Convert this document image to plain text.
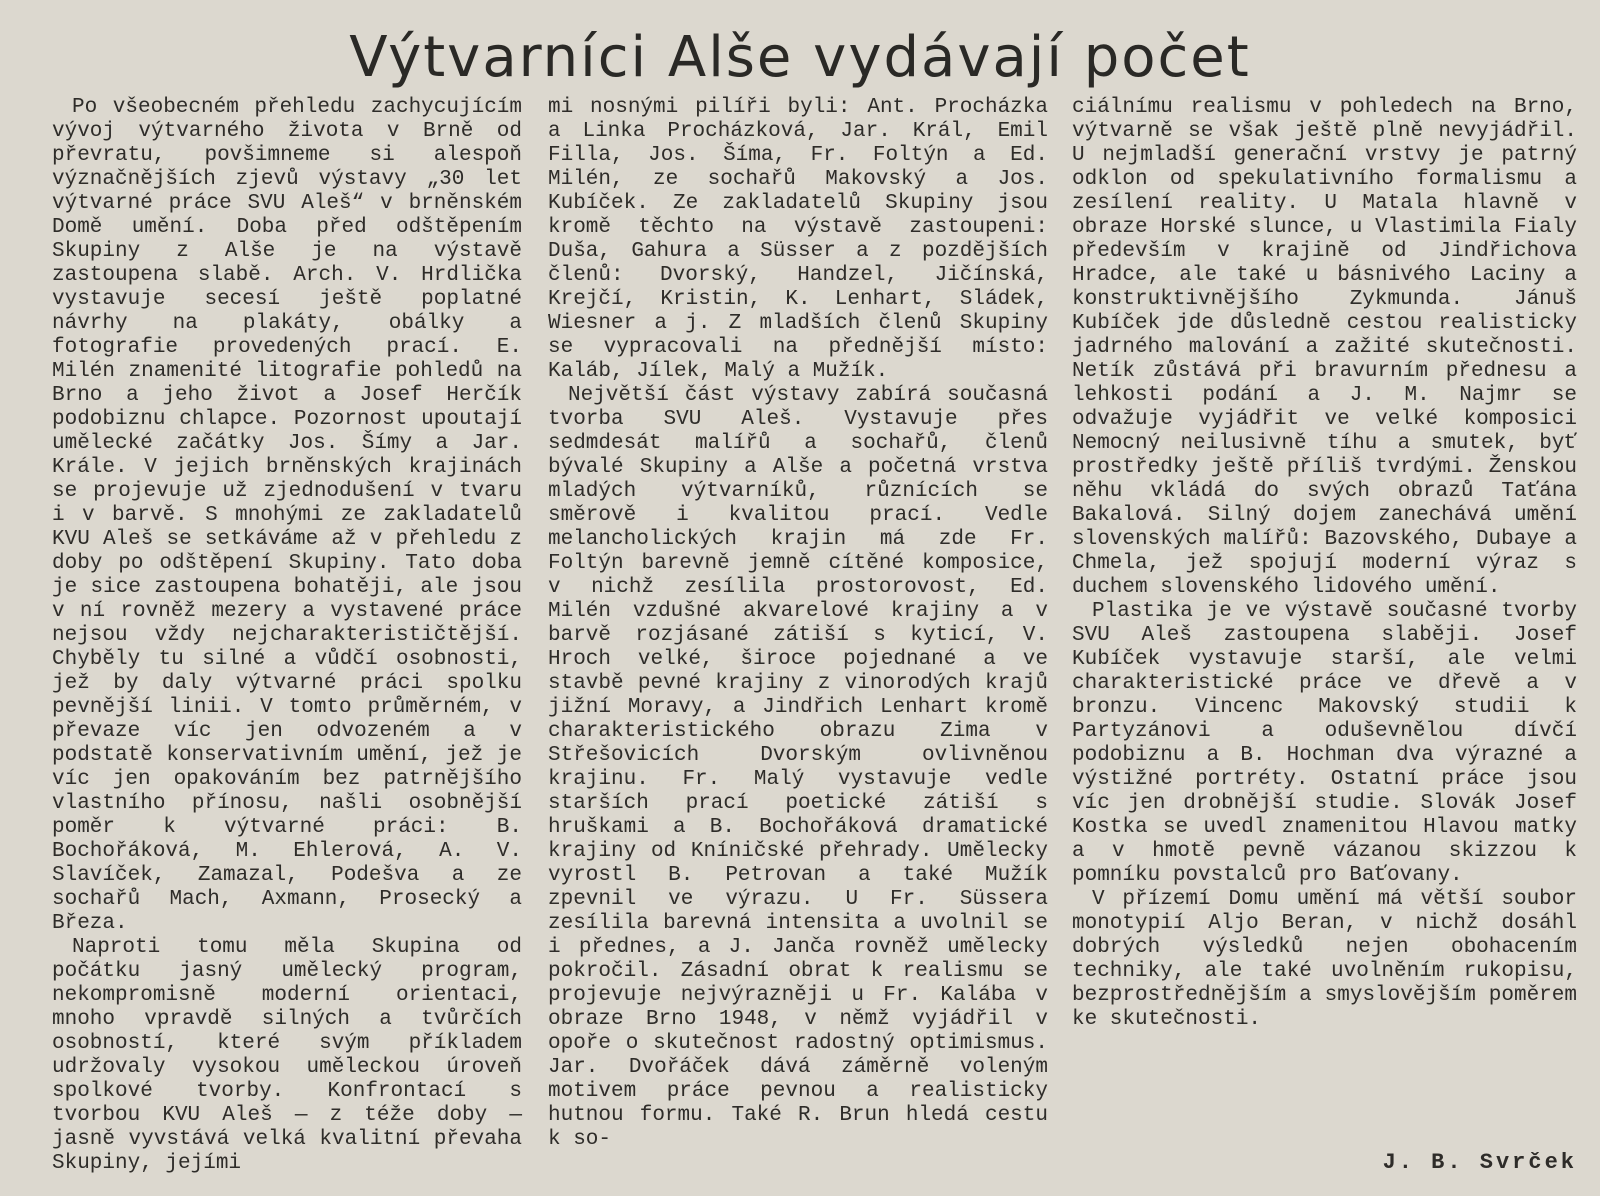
Výtvarníci Alše vydávají počet

Po všeobecném přehledu zachycujícím vývoj výtvarného života v Brně od převratu, povšimneme si alespoň význačnějších zjevů výstavy „30 let výtvarné práce SVU Aleš“ v brněnském Domě umění. Doba před odštěpením Skupiny z Alše je na výstavě zastoupena slabě. Arch. V. Hrdlička vystavuje secesí ještě poplatné návrhy na plakáty, obálky a fotografie provedených prací. E. Milén znamenité litografie pohledů na Brno a jeho život a Josef Herčík podobiznu chlapce. Pozornost upoutají umělecké začátky Jos. Šímy a Jar. Krále. V jejich brněnských krajinách se projevuje už zjednodušení v tvaru i v barvě. S mnohými ze zakladatelů KVU Aleš se setkáváme až v přehledu z doby po odštěpení Skupiny. Tato doba je sice zastoupena bohatěji, ale jsou v ní rovněž mezery a vystavené práce nejsou vždy nejcharakterističtější. Chyběly tu silné a vůdčí osobnosti, jež by daly výtvarné práci spolku pevnější linii. V tomto průměrném, v převaze víc jen odvozeném a v podstatě konservativním umění, jež je víc jen opakováním bez patrnějšího vlastního přínosu, našli osobnější poměr k výtvarné práci: B. Bochořáková, M. Ehlerová, A. V. Slavíček, Zamazal, Podešva a ze sochařů Mach, Axmann, Prosecký a Březa.

Naproti tomu měla Skupina od počátku jasný umělecký program, nekompromisně moderní orientaci, mnoho vpravdě silných a tvůrčích osobností, které svým příkladem udržovaly vysokou uměleckou úroveň spolkové tvorby. Konfrontací s tvorbou KVU Aleš — z téže doby — jasně vyvstává velká kvalitní převaha Skupiny, jejími

mi nosnými pilíři byli: Ant. Procházka a Linka Procházková, Jar. Král, Emil Filla, Jos. Šíma, Fr. Foltýn a Ed. Milén, ze sochařů Makovský a Jos. Kubíček. Ze zakladatelů Skupiny jsou kromě těchto na výstavě zastoupeni: Duša, Gahura a Süsser a z pozdějších členů: Dvorský, Handzel, Jičínská, Krejčí, Kristin, K. Lenhart, Sládek, Wiesner a j. Z mladších členů Skupiny se vypracovali na přednější místo: Kaláb, Jílek, Malý a Mužík.

Největší část výstavy zabírá současná tvorba SVU Aleš. Vystavuje přes sedmdesát malířů a sochařů, členů bývalé Skupiny a Alše a početná vrstva mladých výtvarníků, různících se směrově i kvalitou prací. Vedle melancholických krajin má zde Fr. Foltýn barevně jemně cítěné komposice, v nichž zesílila prostorovost, Ed. Milén vzdušné akvarelové krajiny a v barvě rozjásané zátiší s kyticí, V. Hroch velké, široce pojednané a ve stavbě pevné krajiny z vinorodých krajů jižní Moravy, a Jindřich Lenhart kromě charakteristického obrazu Zima v Střešovicích Dvorským ovlivněnou krajinu. Fr. Malý vystavuje vedle starších prací poetické zátiší s hruškami a B. Bochořáková dramatické krajiny od Kníničské přehrady. Umělecky vyrostl B. Petrovan a také Mužík zpevnil ve výrazu. U Fr. Süssera zesílila barevná intensita a uvolnil se i přednes, a J. Janča rovněž umělecky pokročil. Zásadní obrat k realismu se projevuje nejvýrazněji u Fr. Kalába v obraze Brno 1948, v němž vyjádřil v opoře o skutečnost radostný optimismus. Jar. Dvořáček dává záměrně voleným motivem práce pevnou a realisticky hutnou formu. Také R. Brun hledá cestu k so-

ciálnímu realismu v pohledech na Brno, výtvarně se však ještě plně nevyjádřil. U nejmladší generační vrstvy je patrný odklon od spekulativního formalismu a zesílení reality. U Matala hlavně v obraze Horské slunce, u Vlastimila Fialy především v krajině od Jindřichova Hradce, ale také u básnivého Laciny a konstruktivnějšího Zykmunda. Jánuš Kubíček jde důsledně cestou realisticky jadrného malování a zažité skutečnosti. Netík zůstává při bravurním přednesu a lehkosti podání a J. M. Najmr se odvažuje vyjádřit ve velké komposici Nemocný neilusivně tíhu a smutek, byť prostředky ještě příliš tvrdými. Ženskou něhu vkládá do svých obrazů Taťána Bakalová. Silný dojem zanechává umění slovenských malířů: Bazovského, Dubaye a Chmela, jež spojují moderní výraz s duchem slovenského lidového umění.

Plastika je ve výstavě současné tvorby SVU Aleš zastoupena slaběji. Josef Kubíček vystavuje starší, ale velmi charakteristické práce ve dřevě a v bronzu. Vincenc Makovský studii k Partyzánovi a oduševnělou dívčí podobiznu a B. Hochman dva výrazné a výstižné portréty. Ostatní práce jsou víc jen drobnější studie. Slovák Josef Kostka se uvedl znamenitou Hlavou matky a v hmotě pevně vázanou skizzou k pomníku povstalců pro Baťovany.

V přízemí Domu umění má větší soubor monotypií Aljo Beran, v nichž dosáhl dobrých výsledků nejen obohacením techniky, ale také uvolněním rukopisu, bezprostřednějším a smyslovějším poměrem ke skutečnosti.

J. B. Svrček
